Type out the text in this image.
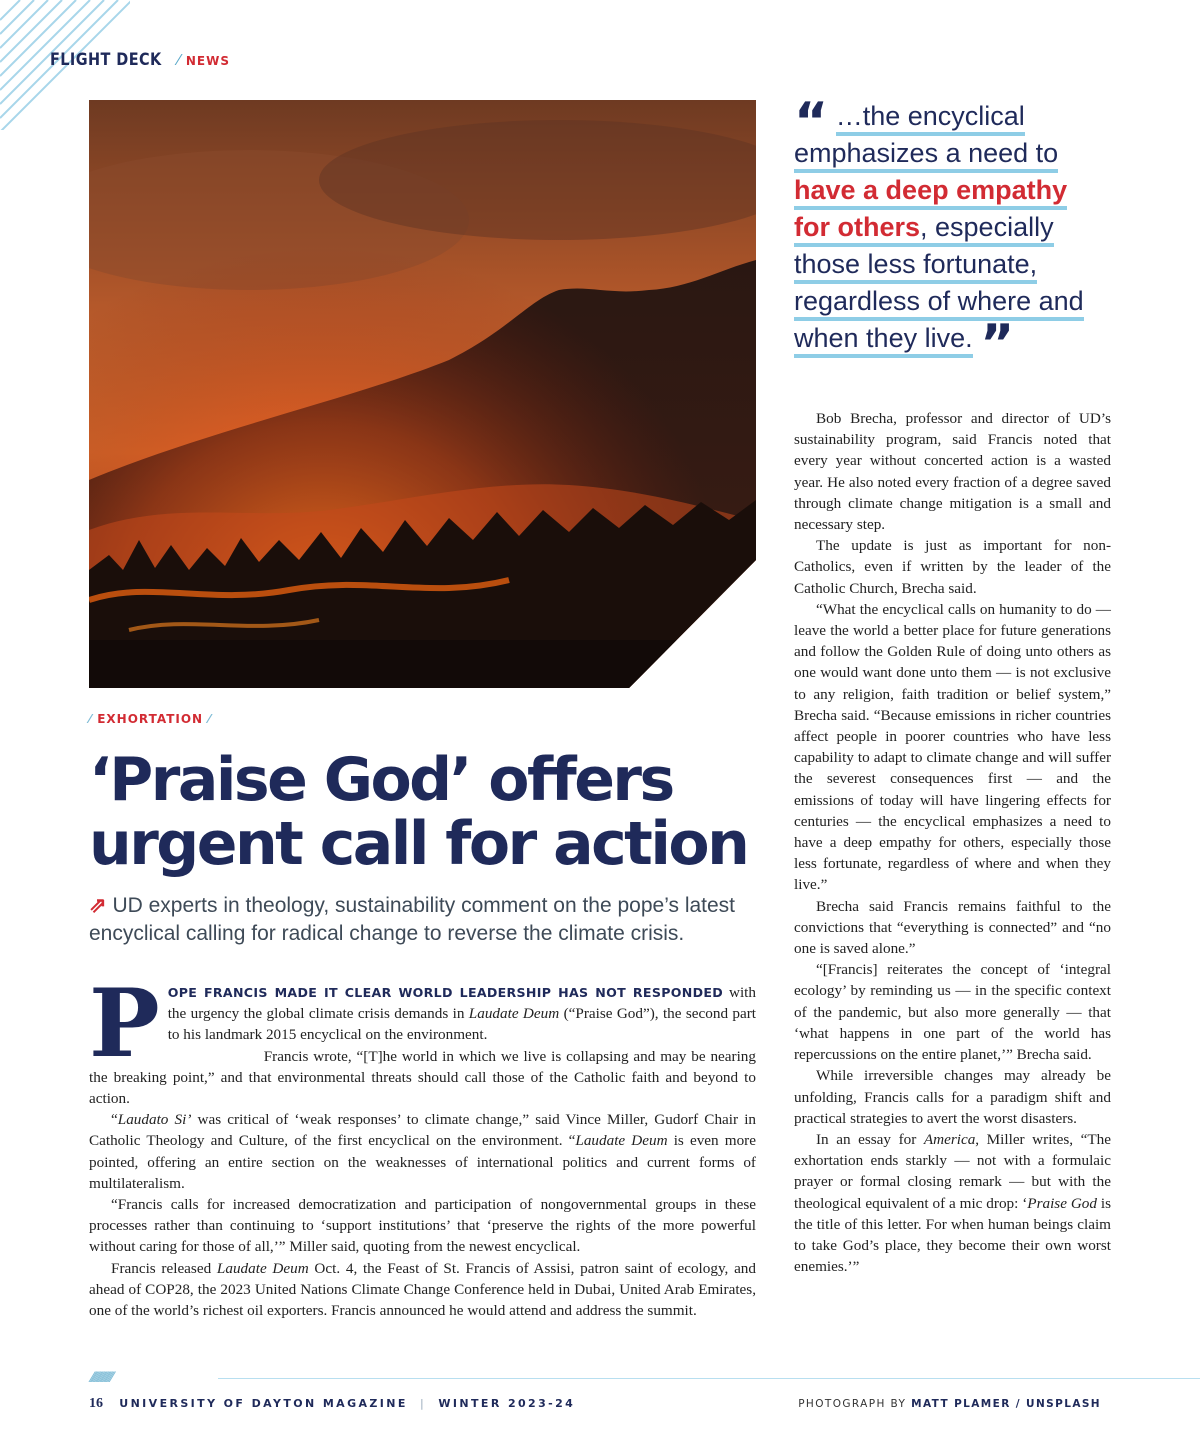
FLIGHT DECK ⁄ NEWS
⁄ EXHORTATION ⁄
‘Praise God’ offers urgent call for action
⇗ UD experts in theology, sustainability comment on the pope’s latest encyclical calling for radical change to reverse the climate crisis.
P OPE FRANCIS MADE IT CLEAR WORLD LEADERSHIP HAS NOT RESPONDED with the urgency the global climate crisis demands in Laudate Deum (“Praise God”), the second part to his landmark 2015 encyclical on the environment.

Francis wrote, “[T]he world in which we live is collapsing and may be nearing the breaking point,” and that environmental threats should call those of the Catholic faith and beyond to action.

“Laudato Si’ was critical of ‘weak responses’ to climate change,” said Vince Miller, Gudorf Chair in Catholic Theology and Culture, of the first encyclical on the environment. “Laudate Deum is even more pointed, offering an entire section on the weaknesses of international politics and current forms of multilateralism.

“Francis calls for increased democratization and participation of nongovernmental groups in these processes rather than continuing to ‘support institutions’ that ‘preserve the rights of the more powerful without caring for those of all,’” Miller said, quoting from the newest encyclical.

Francis released Laudate Deum Oct. 4, the Feast of St. Francis of Assisi, patron saint of ecology, and ahead of COP28, the 2023 United Nations Climate Change Conference held in Dubai, United Arab Emirates, one of the world’s richest oil exporters. Francis announced he would attend and address the summit.

“ …the encyclical
emphasizes a need to
have a deep empathy
for others, especially
those less fortunate,
regardless of where and
when they live. ”

Bob Brecha, professor and director of UD’s sustainability program, said Francis noted that every year without concerted action is a wasted year. He also noted every fraction of a degree saved through climate change mitigation is a small and necessary step.

The update is just as important for non-Catholics, even if written by the leader of the Catholic Church, Brecha said.

“What the encyclical calls on humanity to do — leave the world a better place for future generations and follow the Golden Rule of doing unto others as one would want done unto them — is not exclusive to any religion, faith tradition or belief system,” Brecha said. “Because emissions in richer countries affect people in poorer countries who have less capability to adapt to climate change and will suffer the severest consequences first — and the emissions of today will have lingering effects for centuries — the encyclical emphasizes a need to have a deep empathy for others, especially those less fortunate, regardless of where and when they live.”

Brecha said Francis remains faithful to the convictions that “everything is connected” and “no one is saved alone.”

“[Francis] reiterates the concept of ‘integral ecology’ by reminding us — in the specific context of the pandemic, but also more generally — that ‘what happens in one part of the world has repercussions on the entire planet,’” Brecha said.

While irreversible changes may already be unfolding, Francis calls for a paradigm shift and practical strategies to avert the worst disasters.

In an essay for America, Miller writes, “The exhortation ends starkly — not with a formulaic prayer or formal closing remark — but with the theological equivalent of a mic drop: ‘Praise God is the title of this letter. For when human beings claim to take God’s place, they become their own worst enemies.’”

⁄⁄⁄⁄⁄⁄⁄⁄⁄⁄⁄⁄⁄⁄⁄⁄
16 UNIVERSITY OF DAYTON MAGAZINE | WINTER 2023-24	PHOTOGRAPH BY MATT PLAMER / UNSPLASH
